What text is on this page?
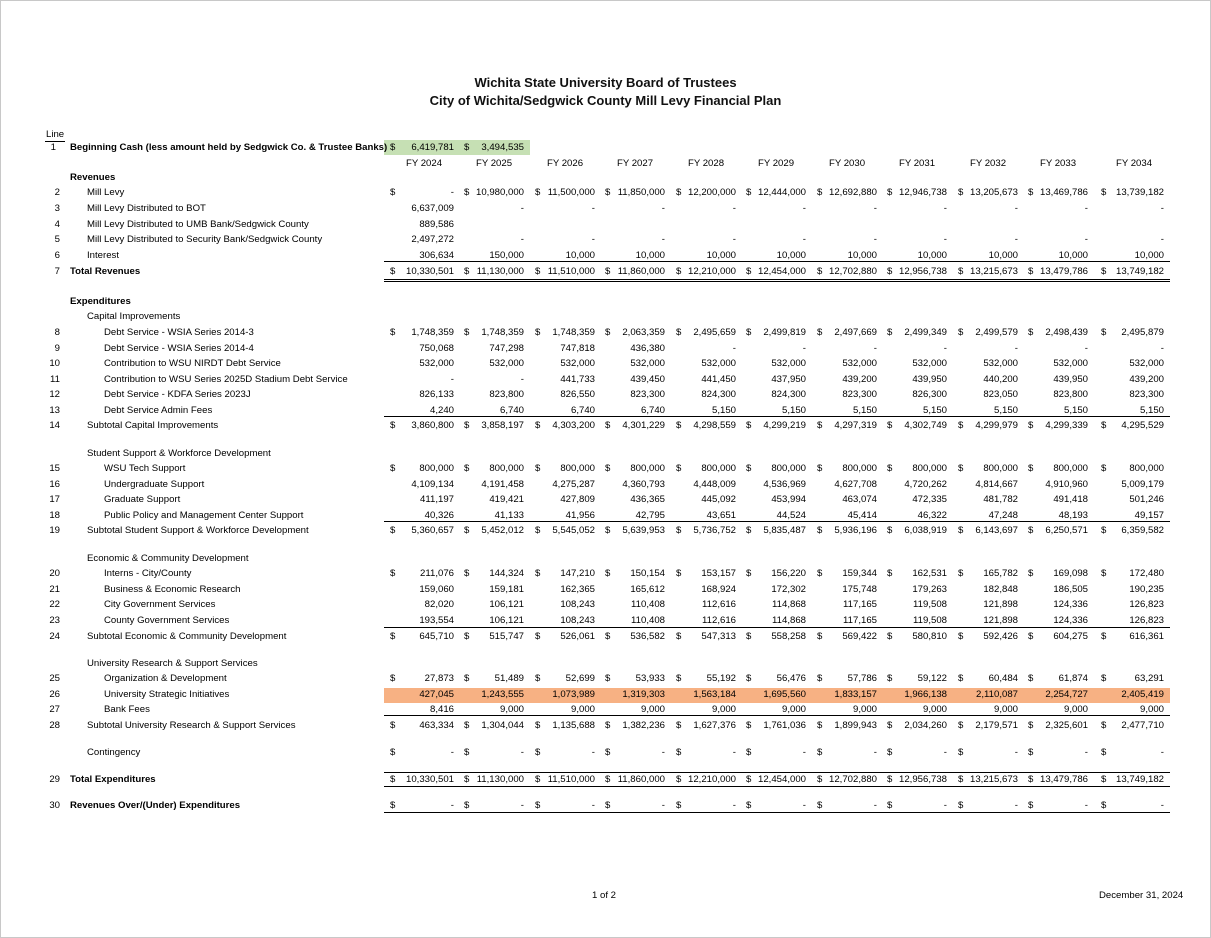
Wichita State University Board of Trustees
City of Wichita/Sedgwick County Mill Levy Financial Plan
Line
1 Beginning Cash (less amount held by Sedgwick Co. & Trustee Banks) $	6,419,781 $	3,494,535
FY 2024	FY 2025	FY 2026	FY 2027	FY 2028	FY 2029	FY 2030	FY 2031	FY 2032	FY 2033	FY 2034
Revenues
2	Mill Levy	$	- $ 10,980,000 $ 11,500,000 $ 11,850,000 $ 12,200,000 $ 12,444,000 $ 12,692,880 $ 12,946,738 $ 13,205,673 $ 13,469,786 $	13,739,182
3	Mill Levy Distributed to BOT	6,637,009	-	-	-	-	-	-	-	-	-	-
4	Mill Levy Distributed to UMB Bank/Sedgwick County	889,586
5	Mill Levy Distributed to Security Bank/Sedgwick County	2,497,272	-	-	-	-	-	-	-	-	-	-
6	Interest	306,634	150,000	10,000	10,000	10,000	10,000	10,000	10,000	10,000	10,000	10,000
7 Total Revenues	$	10,330,501 $ 11,130,000 $ 11,510,000 $ 11,860,000 $ 12,210,000 $ 12,454,000 $ 12,702,880 $ 12,956,738 $ 13,215,673 $ 13,479,786 $	13,749,182
Expenditures
Capital Improvements
8	Debt Service - WSIA Series 2014-3	$	1,748,359 $	1,748,359 $	1,748,359 $	2,063,359 $	2,495,659 $	2,499,819 $	2,497,669 $	2,499,349 $	2,499,579 $	2,498,439 $	2,495,879
9	Debt Service - WSIA Series 2014-4	750,068	747,298	747,818	436,380	-	-	-	-	-	-	-
10	Contribution to WSU NIRDT Debt Service	532,000	532,000	532,000	532,000	532,000	532,000	532,000	532,000	532,000	532,000	532,000
11	Contribution to WSU Series 2025D Stadium Debt Service	-	-	441,733	439,450	441,450	437,950	439,200	439,950	440,200	439,950	439,200
12	Debt Service - KDFA Series 2023J	826,133	823,800	826,550	823,300	824,300	824,300	823,300	826,300	823,050	823,800	823,300
13	Debt Service Admin Fees	4,240	6,740	6,740	6,740	5,150	5,150	5,150	5,150	5,150	5,150	5,150
14	Subtotal Capital Improvements	$	3,860,800 $	3,858,197 $	4,303,200 $	4,301,229 $	4,298,559 $	4,299,219 $	4,297,319 $	4,302,749 $	4,299,979 $	4,299,339 $	4,295,529
Student Support & Workforce Development
15	WSU Tech Support	$	800,000 $	800,000 $	800,000 $	800,000 $	800,000 $	800,000 $	800,000 $	800,000 $	800,000 $	800,000 $	800,000
16	Undergraduate Support	4,109,134	4,191,458	4,275,287	4,360,793	4,448,009	4,536,969	4,627,708	4,720,262	4,814,667	4,910,960	5,009,179
17	Graduate Support	411,197	419,421	427,809	436,365	445,092	453,994	463,074	472,335	481,782	491,418	501,246
18	Public Policy and Management Center Support	40,326	41,133	41,956	42,795	43,651	44,524	45,414	46,322	47,248	48,193	49,157
19	Subtotal Student Support & Workforce Development	$	5,360,657 $	5,452,012 $	5,545,052 $	5,639,953 $	5,736,752 $	5,835,487 $	5,936,196 $	6,038,919 $	6,143,697 $	6,250,571 $	6,359,582
Economic & Community Development
20	Interns - City/County	$	211,076 $	144,324 $	147,210 $	150,154 $	153,157 $	156,220 $	159,344 $	162,531 $	165,782 $	169,098 $	172,480
21	Business & Economic Research	159,060	159,181	162,365	165,612	168,924	172,302	175,748	179,263	182,848	186,505	190,235
22	City Government Services	82,020	106,121	108,243	110,408	112,616	114,868	117,165	119,508	121,898	124,336	126,823
23	County Government Services	193,554	106,121	108,243	110,408	112,616	114,868	117,165	119,508	121,898	124,336	126,823
24	Subtotal Economic & Community Development	$	645,710 $	515,747 $	526,061 $	536,582 $	547,313 $	558,258 $	569,422 $	580,810 $	592,426 $	604,275 $	616,361
University Research & Support Services
25	Organization & Development	$	27,873 $	51,489 $	52,699 $	53,933 $	55,192 $	56,476 $	57,786 $	59,122 $	60,484 $	61,874 $	63,291
26	University Strategic Initiatives	427,045	1,243,555	1,073,989	1,319,303	1,563,184	1,695,560	1,833,157	1,966,138	2,110,087	2,254,727	2,405,419
27	Bank Fees	8,416	9,000	9,000	9,000	9,000	9,000	9,000	9,000	9,000	9,000	9,000
28	Subtotal University Research & Support Services	$	463,334 $	1,304,044 $	1,135,688 $	1,382,236 $	1,627,376 $	1,761,036 $	1,899,943 $	2,034,260 $	2,179,571 $	2,325,601 $	2,477,710
Contingency	$	- $	- $	- $	- $	- $	- $	- $	- $	- $	- $	-
29 Total Expenditures	$	10,330,501 $ 11,130,000 $ 11,510,000 $ 11,860,000 $ 12,210,000 $ 12,454,000 $ 12,702,880 $ 12,956,738 $ 13,215,673 $ 13,479,786 $	13,749,182
30 Revenues Over/(Under) Expenditures	$	- $	- $	- $	- $	- $	- $	- $	- $	- $	- $	-
1 of 2	December 31, 2024
